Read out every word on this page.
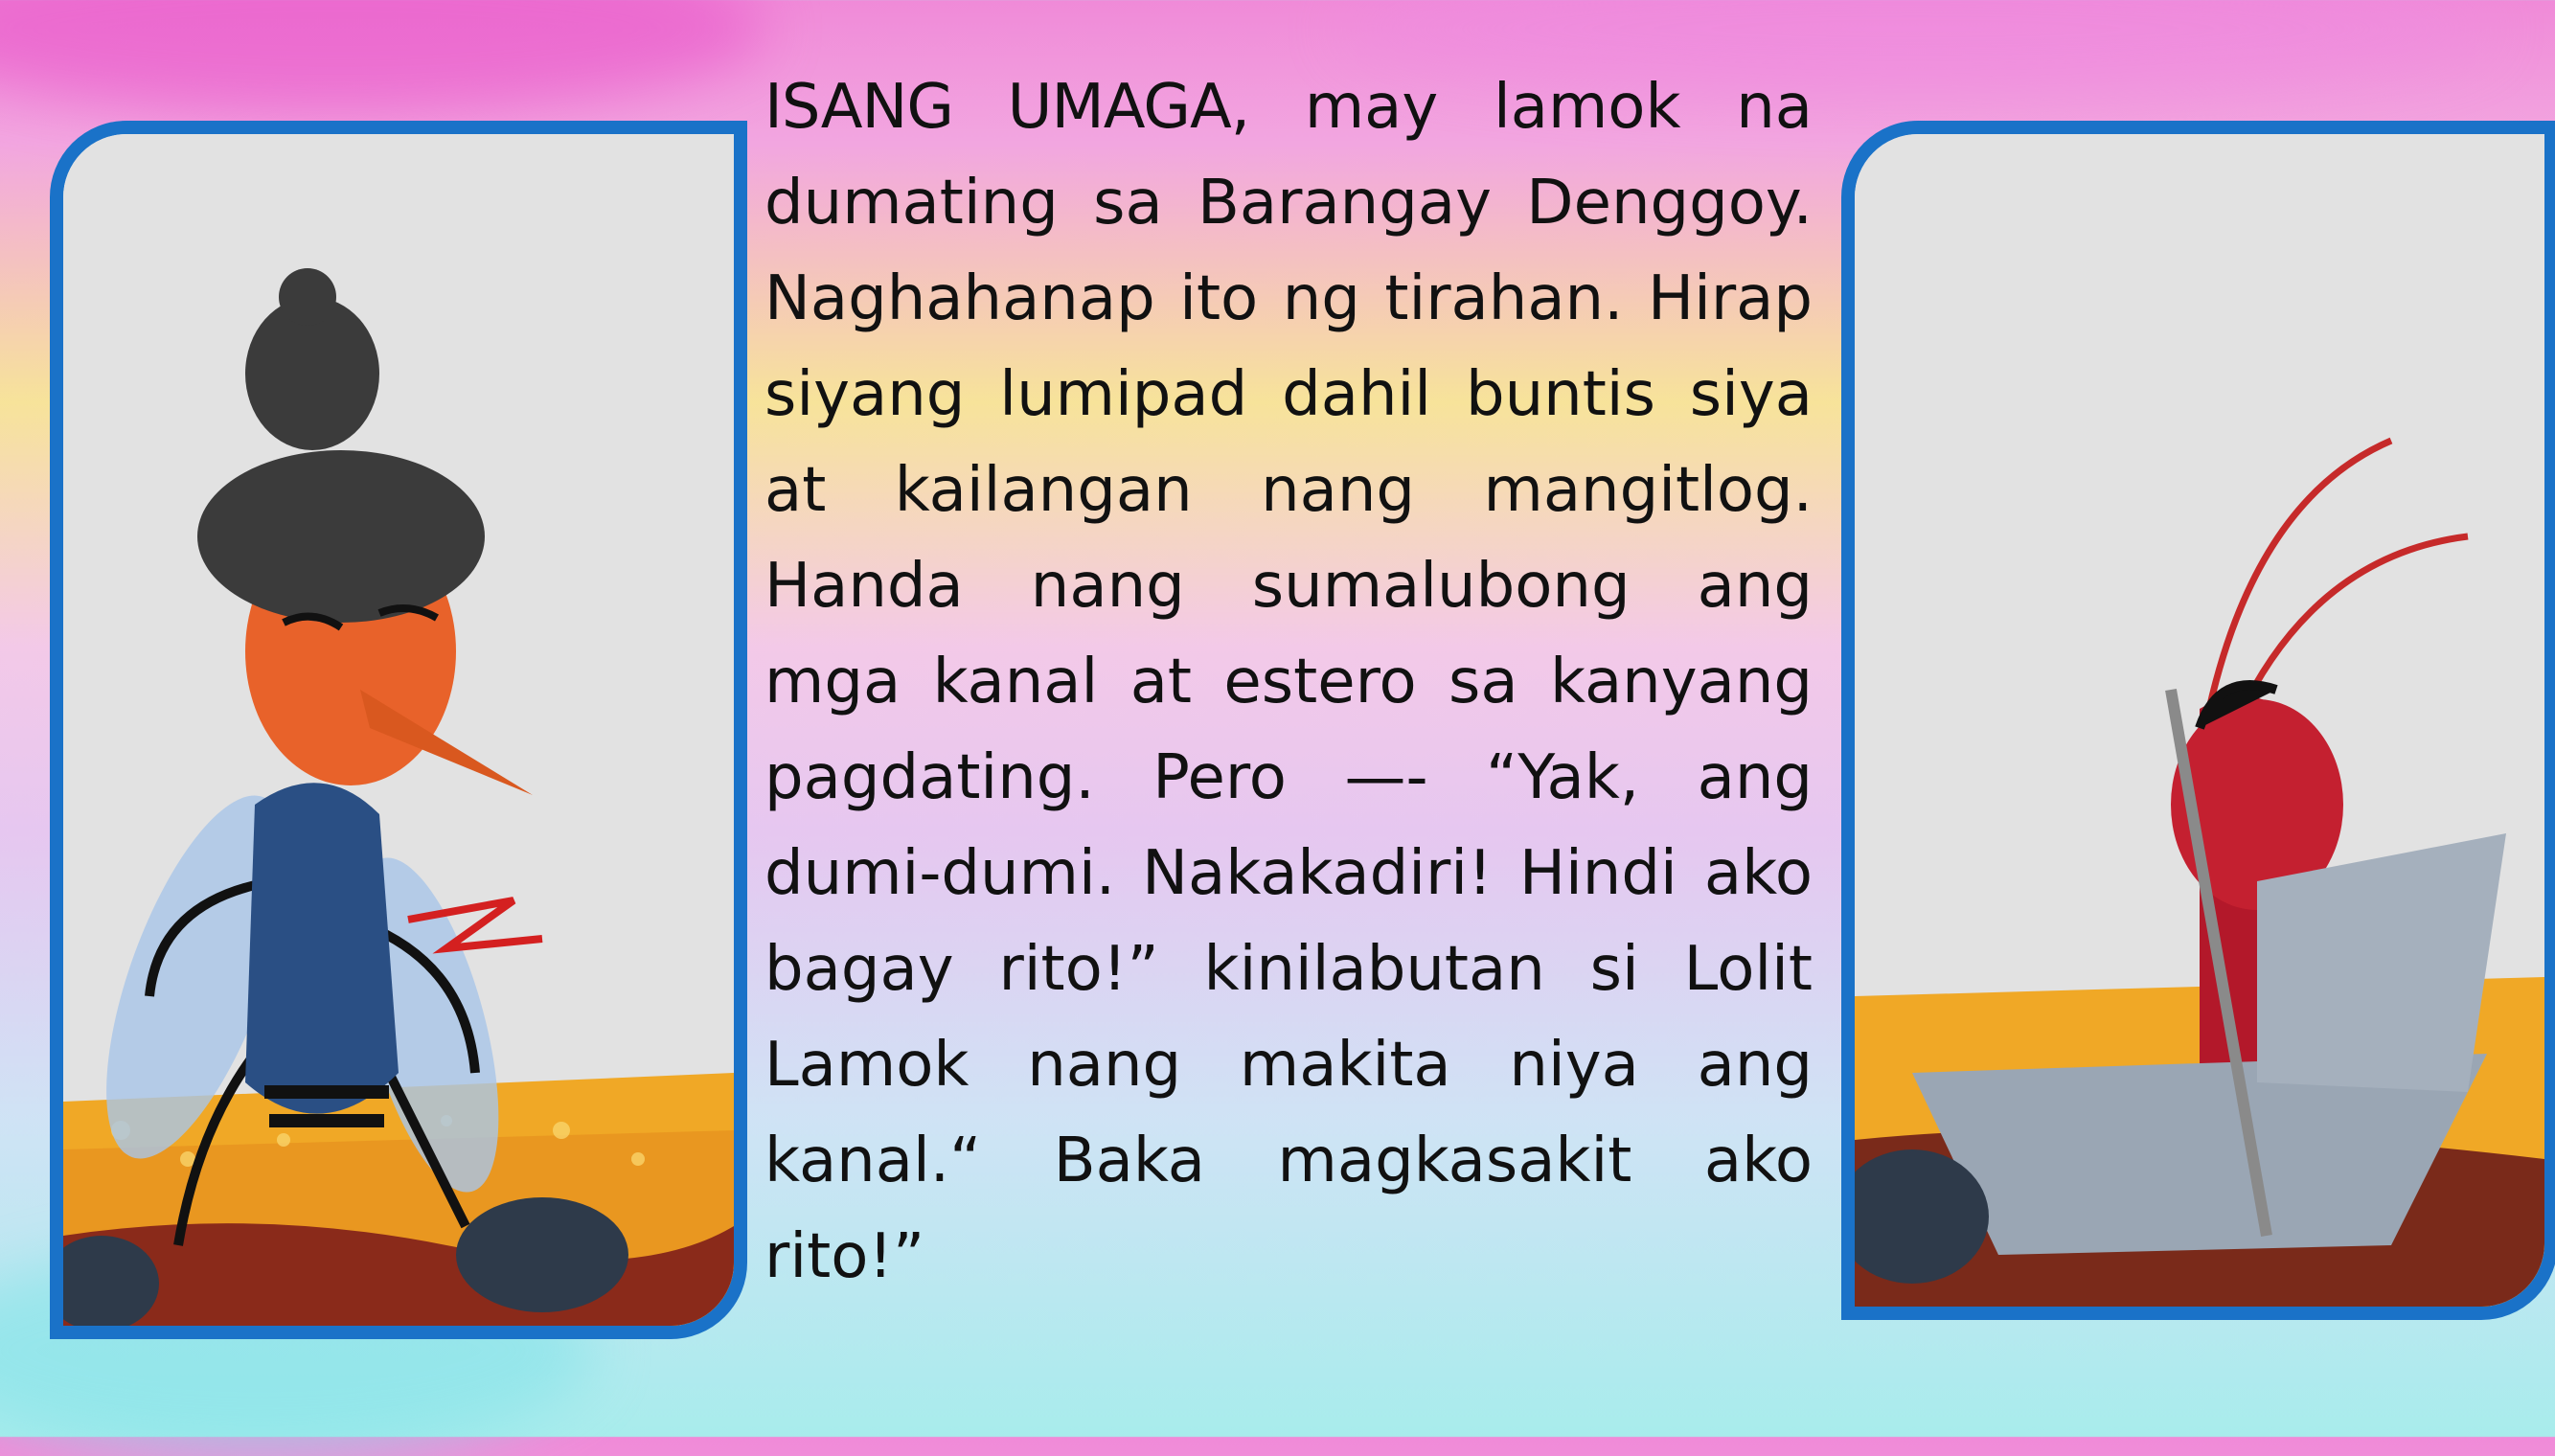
ISANG UMAGA, may lamok na dumating sa Barangay Denggoy. Naghahanap ito ng tirahan. Hirap siyang lumipad dahil buntis siya at kailangan nang mangitlog. Handa nang sumalubong ang mga kanal at estero sa kanyang pagdating. Pero —- “Yak, ang dumi-dumi. Nakakadiri! Hindi ako bagay rito!” kinilabutan si Lolit Lamok nang makita niya ang kanal.“ Baka magkasakit ako rito!”
